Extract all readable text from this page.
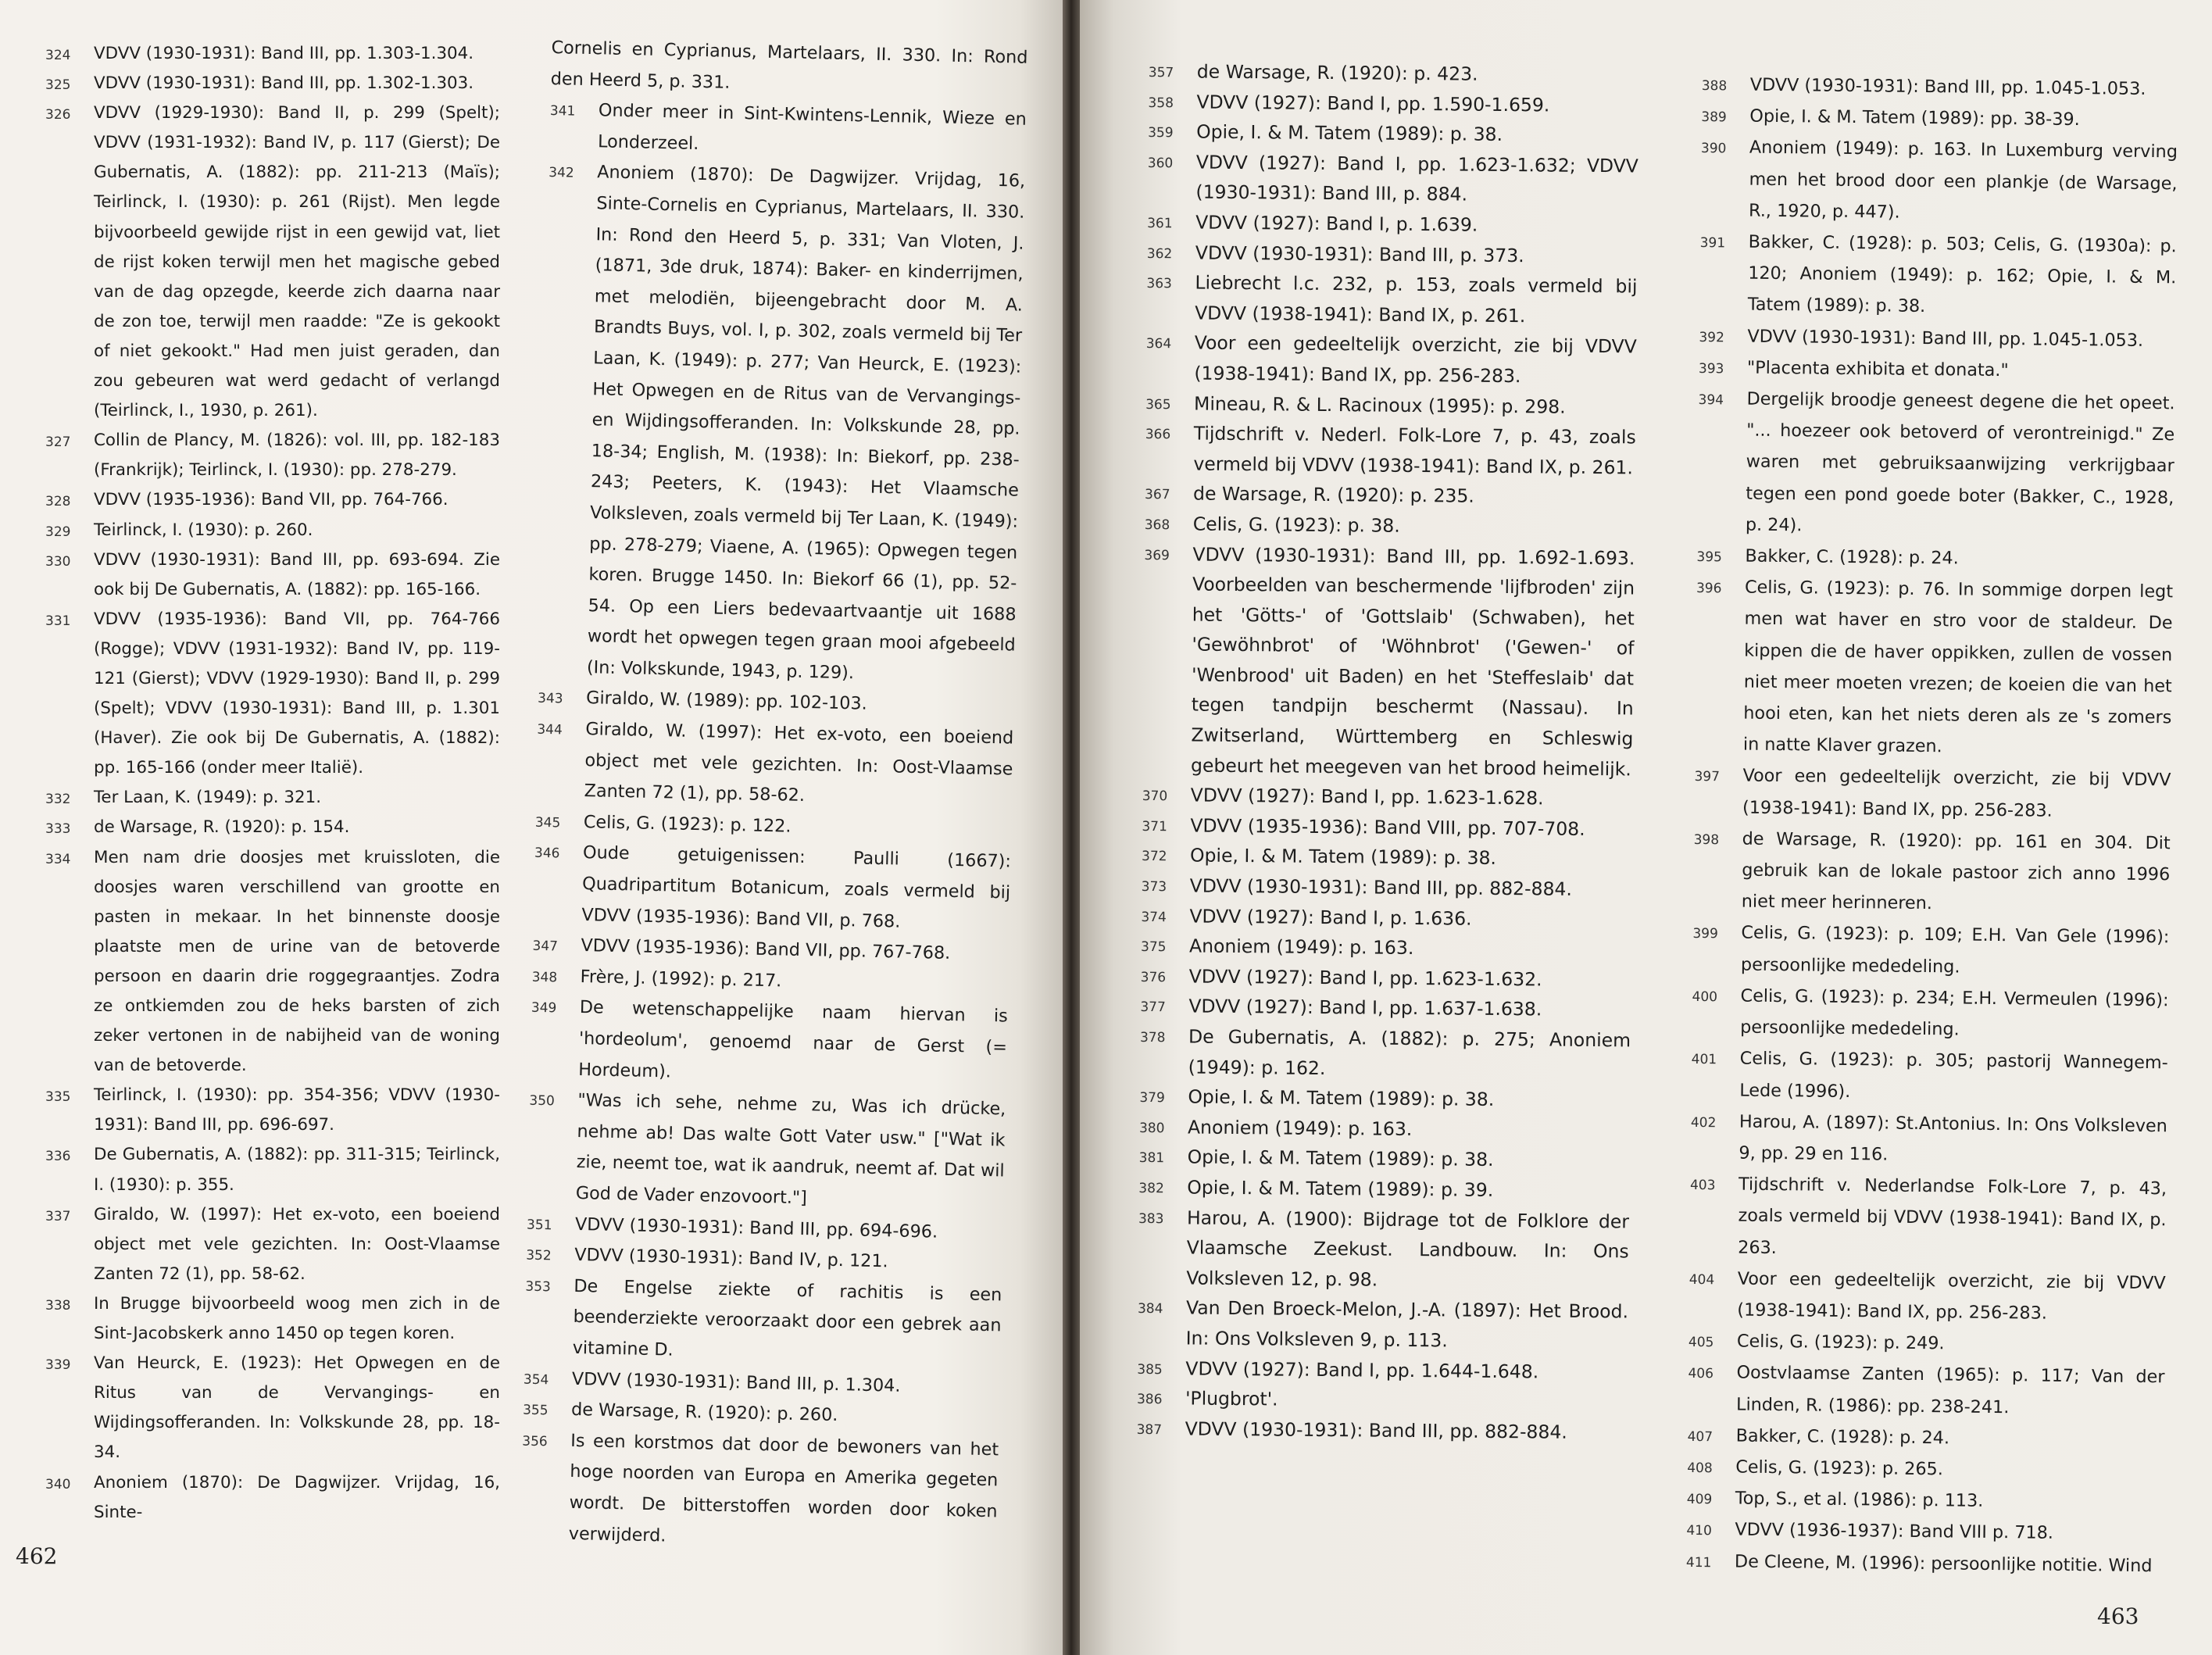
324 VDVV (1930-1931): Band III, pp. 1.303-1.304.
325 VDVV (1930-1931): Band III, pp. 1.302-1.303.
326 VDVV (1929-1930): Band II, p. 299 (Spelt); VDVV (1931-1932): Band IV, p. 117 (Gierst); De Gubernatis, A. (1882): pp. 211-213 (Maïs); Teirlinck, I. (1930): p. 261 (Rijst). Men legde bijvoorbeeld gewijde rijst in een gewijd vat, liet de rijst koken terwijl men het magische gebed van de dag opzegde, keerde zich daarna naar de zon toe, terwijl men raadde: "Ze is gekookt of niet gekookt." Had men juist geraden, dan zou gebeuren wat werd gedacht of verlangd (Teirlinck, I., 1930, p. 261).
327 Collin de Plancy, M. (1826): vol. III, pp. 182-183 (Frankrijk); Teirlinck, I. (1930): pp. 278-279.
328 VDVV (1935-1936): Band VII, pp. 764-766.
329 Teirlinck, I. (1930): p. 260.
330 VDVV (1930-1931): Band III, pp. 693-694. Zie ook bij De Gubernatis, A. (1882): pp. 165-166.
331 VDVV (1935-1936): Band VII, pp. 764-766 (Rogge); VDVV (1931-1932): Band IV, pp. 119-121 (Gierst); VDVV (1929-1930): Band II, p. 299 (Spelt); VDVV (1930-1931): Band III, p. 1.301 (Haver). Zie ook bij De Gubernatis, A. (1882): pp. 165-166 (onder meer Italië).
332 Ter Laan, K. (1949): p. 321.
333 de Warsage, R. (1920): p. 154.
334 Men nam drie doosjes met kruissloten, die doosjes waren verschillend van grootte en pasten in mekaar. In het binnenste doosje plaatste men de urine van de betoverde persoon en daarin drie roggegraantjes. Zodra ze ontkiemden zou de heks barsten of zich zeker vertonen in de nabijheid van de woning van de betoverde.
335 Teirlinck, I. (1930): pp. 354-356; VDVV (1930-1931): Band III, pp. 696-697.
336 De Gubernatis, A. (1882): pp. 311-315; Teirlinck, I. (1930): p. 355.
337 Giraldo, W. (1997): Het ex-voto, een boeiend object met vele gezichten. In: Oost-Vlaamse Zanten 72 (1), pp. 58-62.
338 In Brugge bijvoorbeeld woog men zich in de Sint-Jacobskerk anno 1450 op tegen koren.
339 Van Heurck, E. (1923): Het Opwegen en de Ritus van de Vervangings- en Wijdingsofferanden. In: Volkskunde 28, pp. 18-34.
340 Anoniem (1870): De Dagwijzer. Vrijdag, 16, Sinte-
Cornelis en Cyprianus, Martelaars, II. 330. In: Rond den Heerd 5, p. 331.
341 Onder meer in Sint-Kwintens-Lennik, Wieze en Londerzeel.
342 Anoniem (1870): De Dagwijzer. Vrijdag, 16, Sinte-Cornelis en Cyprianus, Martelaars, II. 330. In: Rond den Heerd 5, p. 331; Van Vloten, J. (1871, 3de druk, 1874): Baker- en kinderrijmen, met melodiën, bijeengebracht door M. A. Brandts Buys, vol. I, p. 302, zoals vermeld bij Ter Laan, K. (1949): p. 277; Van Heurck, E. (1923): Het Opwegen en de Ritus van de Vervangings- en Wijdingsofferanden. In: Volkskunde 28, pp. 18-34; English, M. (1938): In: Biekorf, pp. 238-243; Peeters, K. (1943): Het Vlaamsche Volksleven, zoals vermeld bij Ter Laan, K. (1949): pp. 278-279; Viaene, A. (1965): Opwegen tegen koren. Brugge 1450. In: Biekorf 66 (1), pp. 52-54. Op een Liers bedevaartvaantje uit 1688 wordt het opwegen tegen graan mooi afgebeeld (In: Volkskunde, 1943, p. 129).
343 Giraldo, W. (1989): pp. 102-103.
344 Giraldo, W. (1997): Het ex-voto, een boeiend object met vele gezichten. In: Oost-Vlaamse Zanten 72 (1), pp. 58-62.
345 Celis, G. (1923): p. 122.
346 Oude getuigenissen: Paulli (1667): Quadripartitum Botanicum, zoals vermeld bij VDVV (1935-1936): Band VII, p. 768.
347 VDVV (1935-1936): Band VII, pp. 767-768.
348 Frère, J. (1992): p. 217.
349 De wetenschappelijke naam hiervan is 'hordeolum', genoemd naar de Gerst (= Hordeum).
350 "Was ich sehe, nehme zu, Was ich drücke, nehme ab! Das walte Gott Vater usw." ["Wat ik zie, neemt toe, wat ik aandruk, neemt af. Dat wil God de Vader enzovoort."]
351 VDVV (1930-1931): Band III, pp. 694-696.
352 VDVV (1930-1931): Band IV, p. 121.
353 De Engelse ziekte of rachitis is een beenderziekte veroorzaakt door een gebrek aan vitamine D.
354 VDVV (1930-1931): Band III, p. 1.304.
355 de Warsage, R. (1920): p. 260.
356 Is een korstmos dat door de bewoners van het hoge noorden van Europa en Amerika gegeten wordt. De bitterstoffen worden door koken verwijderd.
462
357 de Warsage, R. (1920): p. 423.
358 VDVV (1927): Band I, pp. 1.590-1.659.
359 Opie, I. & M. Tatem (1989): p. 38.
360 VDVV (1927): Band I, pp. 1.623-1.632; VDVV (1930-1931): Band III, p. 884.
361 VDVV (1927): Band I, p. 1.639.
362 VDVV (1930-1931): Band III, p. 373.
363 Liebrecht l.c. 232, p. 153, zoals vermeld bij VDVV (1938-1941): Band IX, p. 261.
364 Voor een gedeeltelijk overzicht, zie bij VDVV (1938-1941): Band IX, pp. 256-283.
365 Mineau, R. & L. Racinoux (1995): p. 298.
366 Tijdschrift v. Nederl. Folk-Lore 7, p. 43, zoals vermeld bij VDVV (1938-1941): Band IX, p. 261.
367 de Warsage, R. (1920): p. 235.
368 Celis, G. (1923): p. 38.
369 VDVV (1930-1931): Band III, pp. 1.692-1.693. Voorbeelden van beschermende 'lijfbroden' zijn het 'Götts-' of 'Gottslaib' (Schwaben), het 'Gewöhnbrot' of 'Wöhnbrot' ('Gewen-' of 'Wenbrood' uit Baden) en het 'Steffeslaib' dat tegen tandpijn beschermt (Nassau). In Zwitserland, Württemberg en Schleswig gebeurt het meegeven van het brood heimelijk.
370 VDVV (1927): Band I, pp. 1.623-1.628.
371 VDVV (1935-1936): Band VIII, pp. 707-708.
372 Opie, I. & M. Tatem (1989): p. 38.
373 VDVV (1930-1931): Band III, pp. 882-884.
374 VDVV (1927): Band I, p. 1.636.
375 Anoniem (1949): p. 163.
376 VDVV (1927): Band I, pp. 1.623-1.632.
377 VDVV (1927): Band I, pp. 1.637-1.638.
378 De Gubernatis, A. (1882): p. 275; Anoniem (1949): p. 162.
379 Opie, I. & M. Tatem (1989): p. 38.
380 Anoniem (1949): p. 163.
381 Opie, I. & M. Tatem (1989): p. 38.
382 Opie, I. & M. Tatem (1989): p. 39.
383 Harou, A. (1900): Bijdrage tot de Folklore der Vlaamsche Zeekust. Landbouw. In: Ons Volksleven 12, p. 98.
384 Van Den Broeck-Melon, J.-A. (1897): Het Brood. In: Ons Volksleven 9, p. 113.
385 VDVV (1927): Band I, pp. 1.644-1.648.
386 'Plugbrot'.
387 VDVV (1930-1931): Band III, pp. 882-884.
388 VDVV (1930-1931): Band III, pp. 1.045-1.053.
389 Opie, I. & M. Tatem (1989): pp. 38-39.
390 Anoniem (1949): p. 163. In Luxemburg verving men het brood door een plankje (de Warsage, R., 1920, p. 447).
391 Bakker, C. (1928): p. 503; Celis, G. (1930a): p. 120; Anoniem (1949): p. 162; Opie, I. & M. Tatem (1989): p. 38.
392 VDVV (1930-1931): Band III, pp. 1.045-1.053.
393 "Placenta exhibita et donata."
394 Dergelijk broodje geneest degene die het opeet. "... hoezeer ook betoverd of verontreinigd." Ze waren met gebruiksaanwijzing verkrijgbaar tegen een pond goede boter (Bakker, C., 1928, p. 24).
395 Bakker, C. (1928): p. 24.
396 Celis, G. (1923): p. 76. In sommige dorpen legt men wat haver en stro voor de staldeur. De kippen die de haver oppikken, zullen de vossen niet meer moeten vrezen; de koeien die van het hooi eten, kan het niets deren als ze 's zomers in natte Klaver grazen.
397 Voor een gedeeltelijk overzicht, zie bij VDVV (1938-1941): Band IX, pp. 256-283.
398 de Warsage, R. (1920): pp. 161 en 304. Dit gebruik kan de lokale pastoor zich anno 1996 niet meer herinneren.
399 Celis, G. (1923): p. 109; E.H. Van Gele (1996): persoonlijke mededeling.
400 Celis, G. (1923): p. 234; E.H. Vermeulen (1996): persoonlijke mededeling.
401 Celis, G. (1923): p. 305; pastorij Wannegem-Lede (1996).
402 Harou, A. (1897): St.Antonius. In: Ons Volksleven 9, pp. 29 en 116.
403 Tijdschrift v. Nederlandse Folk-Lore 7, p. 43, zoals vermeld bij VDVV (1938-1941): Band IX, p. 263.
404 Voor een gedeeltelijk overzicht, zie bij VDVV (1938-1941): Band IX, pp. 256-283.
405 Celis, G. (1923): p. 249.
406 Oostvlaamse Zanten (1965): p. 117; Van der Linden, R. (1986): pp. 238-241.
407 Bakker, C. (1928): p. 24.
408 Celis, G. (1923): p. 265.
409 Top, S., et al. (1986): p. 113.
410 VDVV (1936-1937): Band VIII p. 718.
411 De Cleene, M. (1996): persoonlijke notitie. Wind
463
